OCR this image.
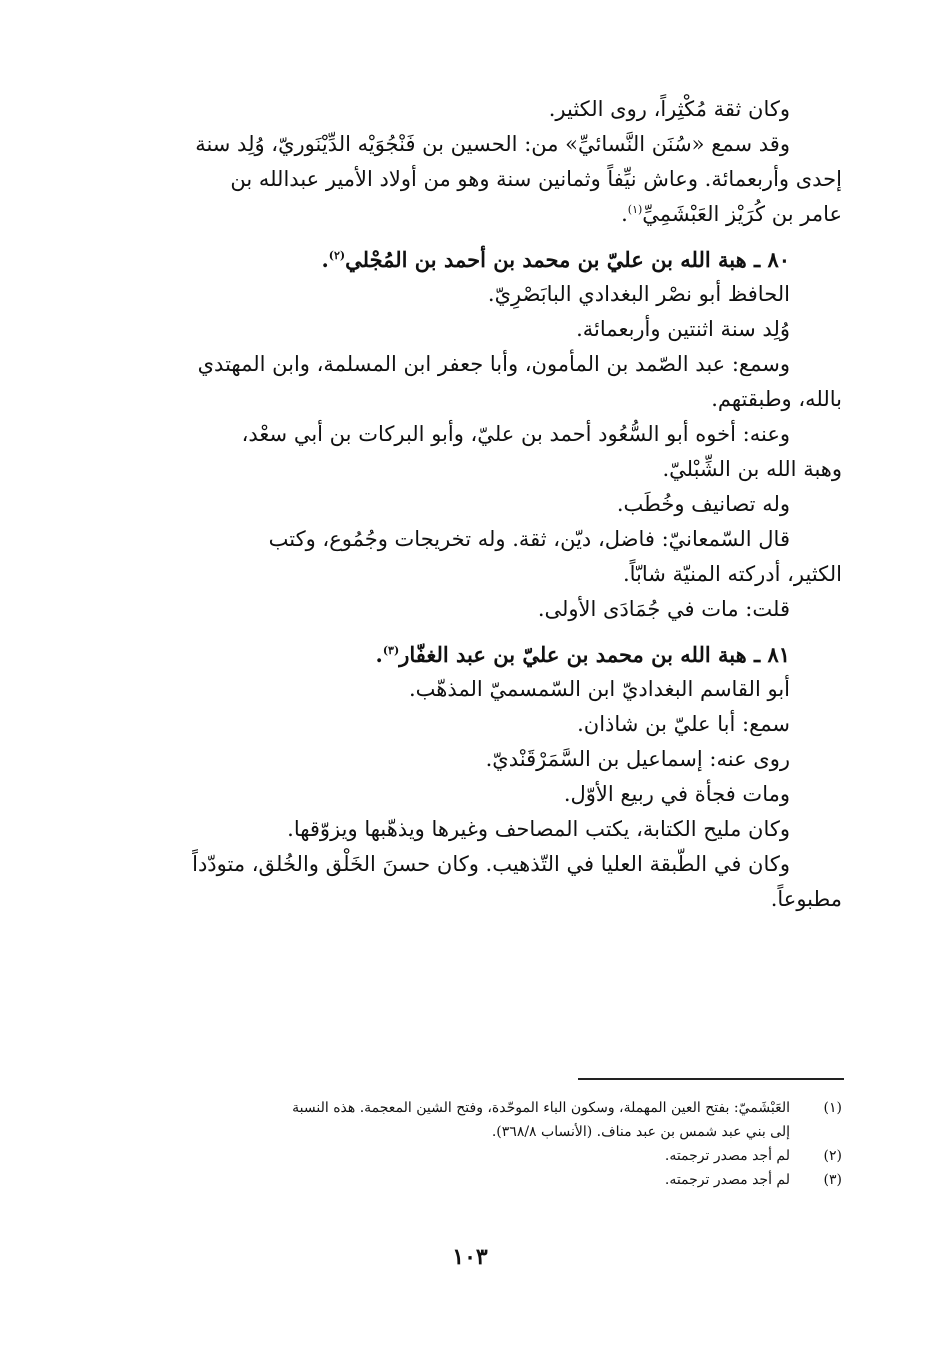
وكان ثقة مُكْثِراً، روى الكثير.
وقد سمع «سُنَن النَّسائيِّ» من: الحسين بن فَنْجُوَيْه الدِّيْنَوريّ، وُلِد سنة
إحدى وأربعمائة. وعاش نيِّفاً وثمانين سنة وهو من أولاد الأمير عبدالله بن
عامر بن كُرَيْز العَبْشَمِيِّ$^{(١)}$.
٨٠ ـ هبة الله بن عليّ بن محمد بن أحمد بن المُجْلي$^{(٢)}$.
الحافظ أبو نصْر البغدادي البابَصْرِيّ.
وُلِد سنة اثنتين وأربعمائة.
وسمع: عبد الصّمد بن المأمون، وأبا جعفر ابن المسلمة، وابن المهتدي
بالله، وطبقتهم.
وعنه: أخوه أبو السُّعُود أحمد بن عليّ، وأبو البركات بن أبي سعْد،
وهبة الله بن الشِّبْليّ.
وله تصانيف وخُطَب.
قال السّمعانيّ: فاضل، ديّن، ثقة. وله تخريجات وجُمُوع، وكتب
الكثير، أدركته المنيّة شابّاً.
قلت: مات في جُمَادَى الأولى.
٨١ ـ هبة الله بن محمد بن عليّ بن عبد الغفّار$^{(٣)}$.
أبو القاسم البغداديّ ابن السّمسميّ المذهّب.
سمع: أبا عليّ بن شاذان.
روى عنه: إسماعيل بن السَّمَرْقَنْديّ.
ومات فجأة في ربيع الأوّل.
وكان مليح الكتابة، يكتب المصاحف وغيرها ويذهّبها ويزوّقها.
وكان في الطّبقة العليا في التّذهيب. وكان حسنَ الخَلْق والخُلق، متودّداً
مطبوعاً.
(١)
العَبْشَميّ: بفتح العين المهملة، وسكون الباء الموحّدة، وفتح الشين المعجمة. هذه النسبة
إلى بني عبد شمس بن عبد مناف. (الأنساب ٣٦٨/٨).
(٢)
لم أجد مصدر ترجمته.
(٣)
لم أجد مصدر ترجمته.
١٠٣
